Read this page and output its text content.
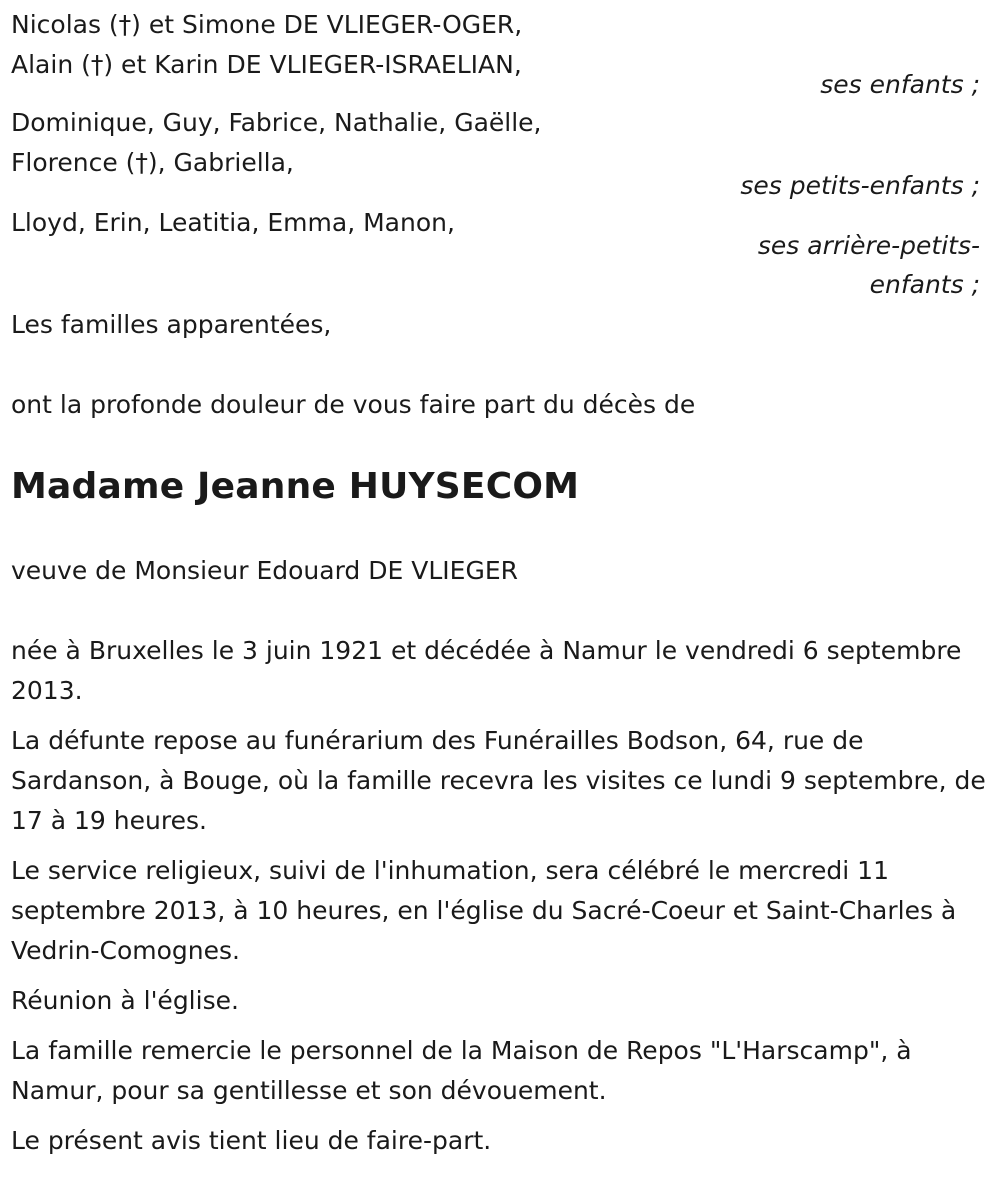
Nicolas (†) et Simone DE VLIEGER-OGER,
Alain (†) et Karin DE VLIEGER-ISRAELIAN,
ses enfants ;
Dominique, Guy, Fabrice, Nathalie, Gaëlle,
Florence (†), Gabriella,
ses petits-enfants ;
Lloyd, Erin, Leatitia, Emma, Manon,
ses arrière-petits-
enfants ;
Les familles apparentées,
ont la profonde douleur de vous faire part du décès de
Madame Jeanne HUYSECOM
veuve de Monsieur Edouard DE VLIEGER
née à Bruxelles le 3 juin 1921 et décédée à Namur le vendredi 6 septembre 2013.
La défunte repose au funérarium des Funérailles Bodson, 64, rue de Sardanson, à Bouge, où la famille recevra les visites ce lundi 9 septembre, de 17 à 19 heures.
Le service religieux, suivi de l'inhumation, sera célébré le mercredi 11 septembre 2013, à 10 heures, en l'église du Sacré-Coeur et Saint-Charles à Vedrin-Comognes.
Réunion à l'église.
La famille remercie le personnel de la Maison de Repos "L'Harscamp", à Namur, pour sa gentillesse et son dévouement.
Le présent avis tient lieu de faire-part.
